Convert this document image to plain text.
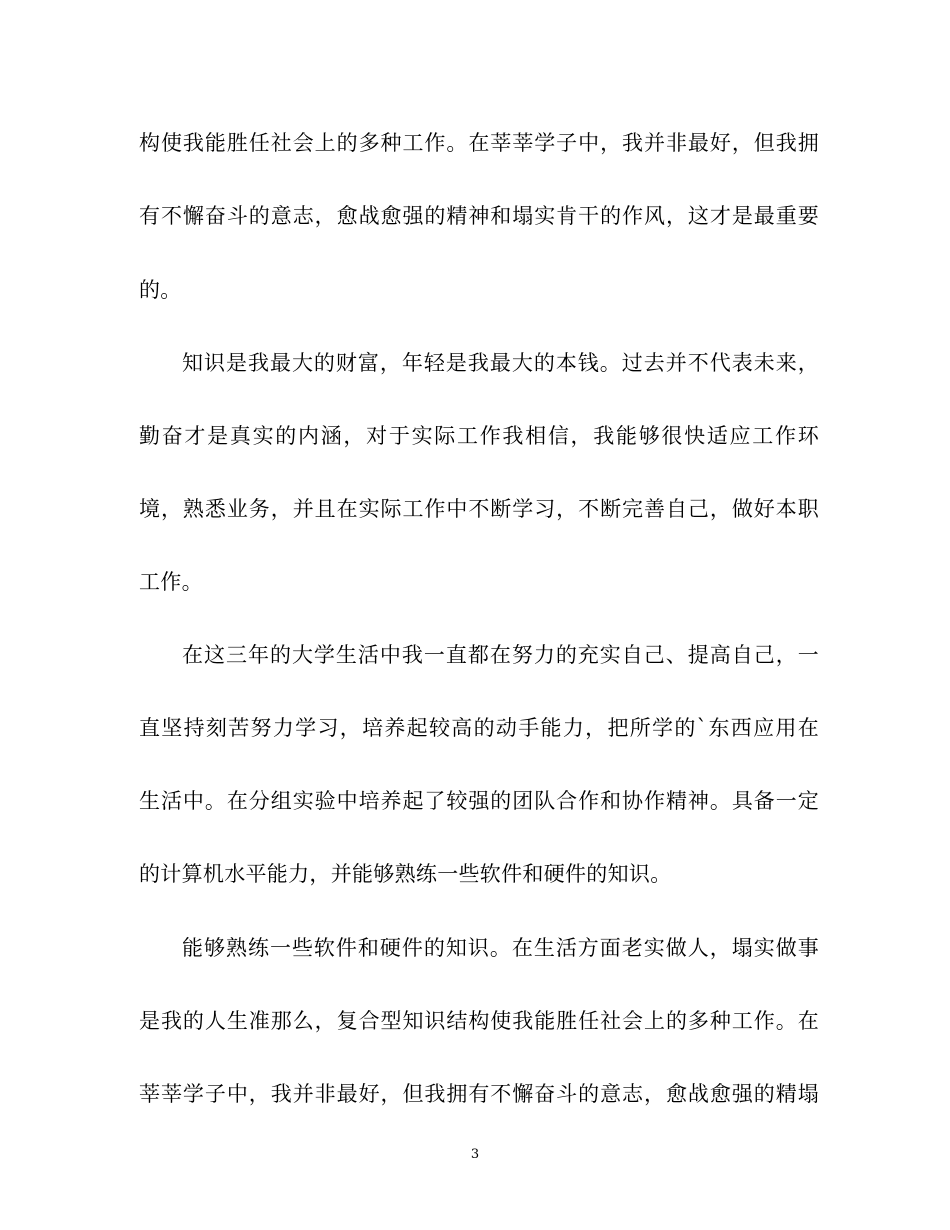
构使我能胜任社会上的多种工作。在莘莘学子中，我并非最好，但我拥
有不懈奋斗的意志，愈战愈强的精神和塌实肯干的作风，这才是最重要
的。
知识是我最大的财富，年轻是我最大的本钱。过去并不代表未来，
勤奋才是真实的内涵，对于实际工作我相信，我能够很快适应工作环
境，熟悉业务，并且在实际工作中不断学习，不断完善自己，做好本职
工作。
在这三年的大学生活中我一直都在努力的充实自己、提高自己，一
直坚持刻苦努力学习，培养起较高的动手能力，把所学的`东西应用在
生活中。在分组实验中培养起了较强的团队合作和协作精神。具备一定
的计算机水平能力，并能够熟练一些软件和硬件的知识。
能够熟练一些软件和硬件的知识。在生活方面老实做人，塌实做事
是我的人生准那么，复合型知识结构使我能胜任社会上的多种工作。在
莘莘学子中，我并非最好，但我拥有不懈奋斗的意志，愈战愈强的精塌
3
